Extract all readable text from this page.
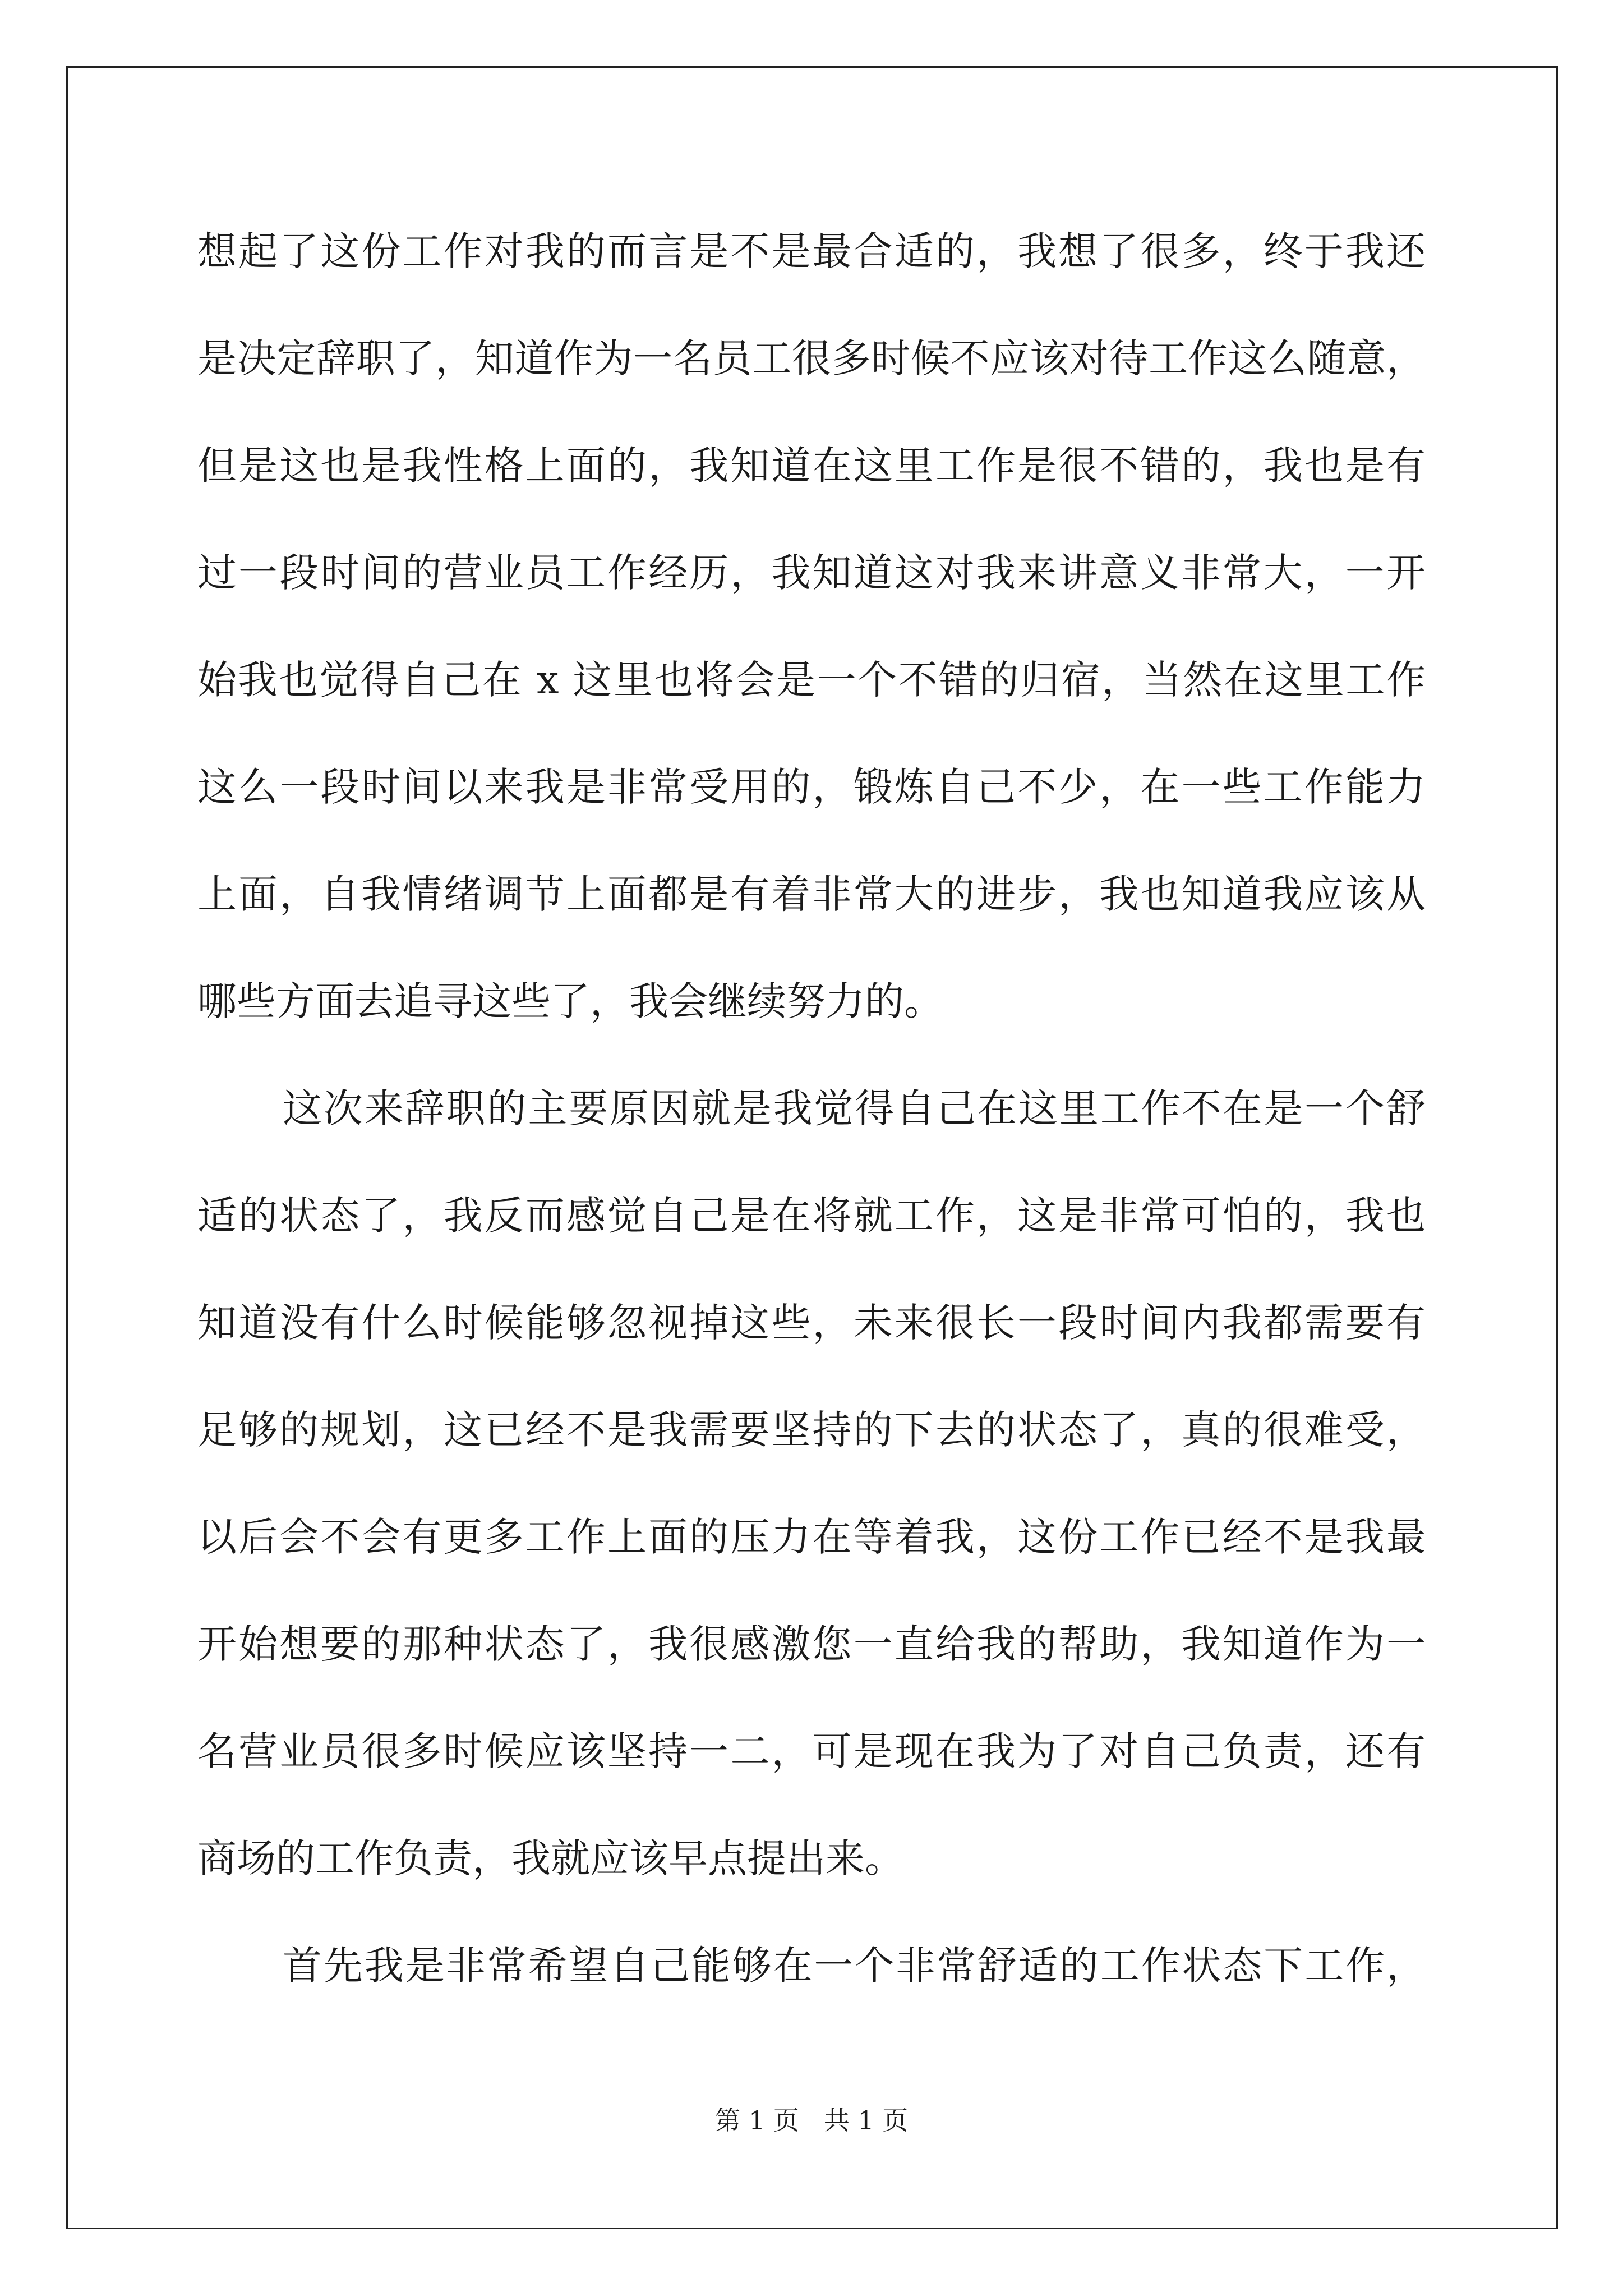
想起了这份工作对我的而言是不是最合适的，我想了很多，终于我还

是决定辞职了，知道作为一名员工很多时候不应该对待工作这么随意，

但是这也是我性格上面的，我知道在这里工作是很不错的，我也是有

过一段时间的营业员工作经历，我知道这对我来讲意义非常大，一开

始我也觉得自己在 x 这里也将会是一个不错的归宿，当然在这里工作

这么一段时间以来我是非常受用的，锻炼自己不少，在一些工作能力

上面，自我情绪调节上面都是有着非常大的进步，我也知道我应该从

哪些方面去追寻这些了，我会继续努力的。

这次来辞职的主要原因就是我觉得自己在这里工作不在是一个舒

适的状态了，我反而感觉自己是在将就工作，这是非常可怕的，我也

知道没有什么时候能够忽视掉这些，未来很长一段时间内我都需要有

足够的规划，这已经不是我需要坚持的下去的状态了，真的很难受，

以后会不会有更多工作上面的压力在等着我，这份工作已经不是我最

开始想要的那种状态了，我很感激您一直给我的帮助，我知道作为一

名营业员很多时候应该坚持一二，可是现在我为了对自己负责，还有

商场的工作负责，我就应该早点提出来。

首先我是非常希望自己能够在一个非常舒适的工作状态下工作，

第 1 页   共 1 页
